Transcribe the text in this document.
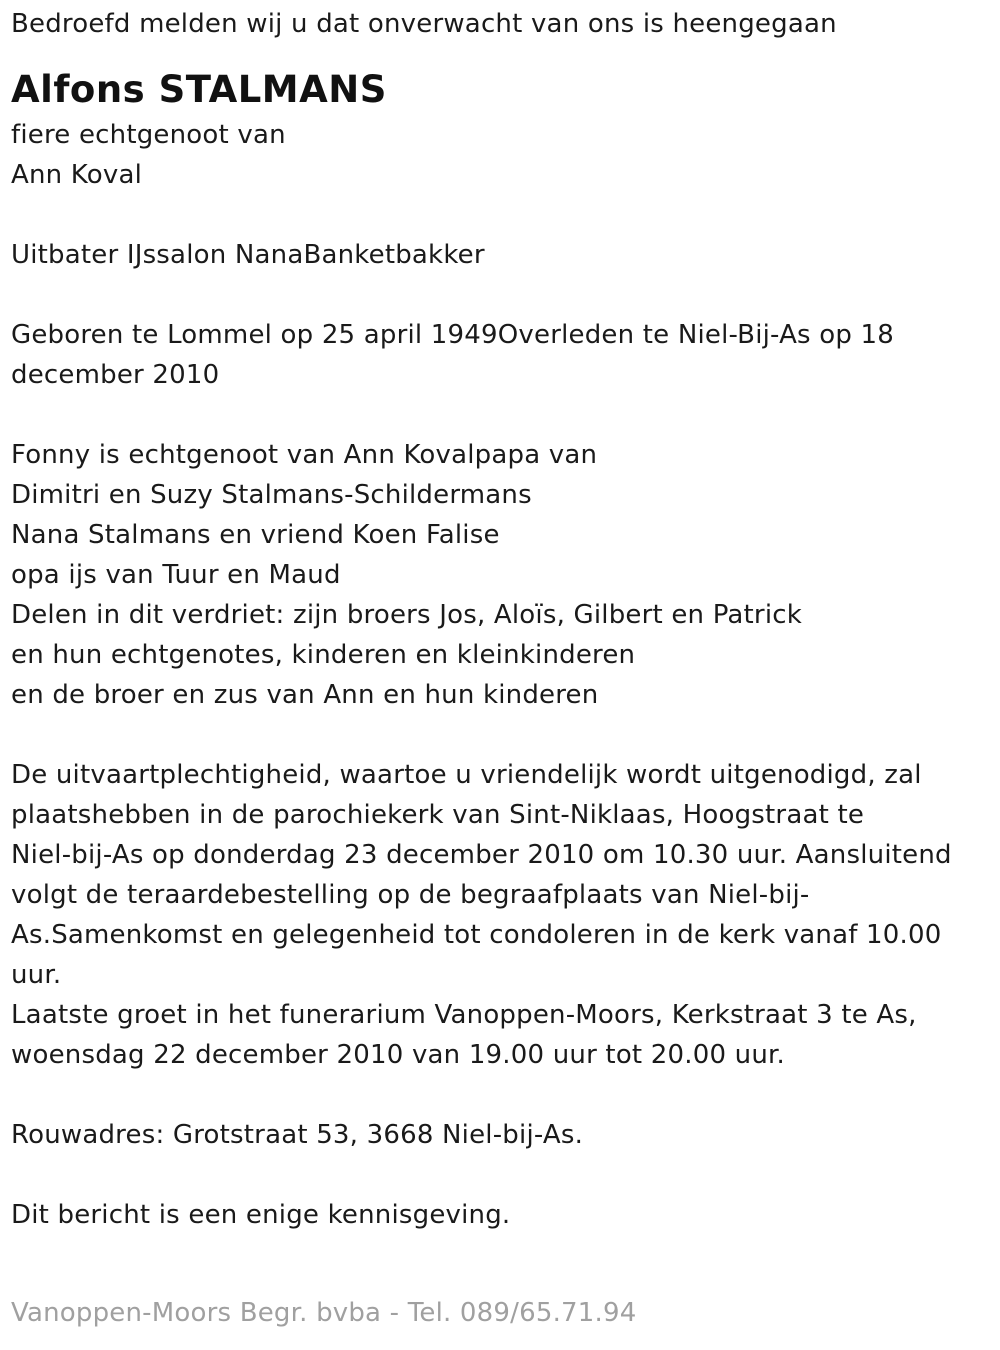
Bedroefd melden wij u dat onverwacht van ons is heengegaan
Alfons STALMANS
fiere echtgenoot van
Ann Koval
Uitbater IJssalon NanaBanketbakker
Geboren te Lommel op 25 april 1949Overleden te Niel-Bij-As op 18
december 2010
Fonny is echtgenoot van Ann Kovalpapa van
Dimitri en Suzy Stalmans-Schildermans
Nana Stalmans en vriend Koen Falise
opa ijs van Tuur en Maud
Delen in dit verdriet: zijn broers Jos, Aloïs, Gilbert en Patrick
en hun echtgenotes, kinderen en kleinkinderen
en de broer en zus van Ann en hun kinderen
De uitvaartplechtigheid, waartoe u vriendelijk wordt uitgenodigd, zal
plaatshebben in de parochiekerk van Sint-Niklaas, Hoogstraat te
Niel-bij-As op donderdag 23 december 2010 om 10.30 uur. Aansluitend
volgt de teraardebestelling op de begraafplaats van Niel-bij-
As.Samenkomst en gelegenheid tot condoleren in de kerk vanaf 10.00
uur.
Laatste groet in het funerarium Vanoppen-Moors, Kerkstraat 3 te As,
woensdag 22 december 2010 van 19.00 uur tot 20.00 uur.
Rouwadres: Grotstraat 53, 3668 Niel-bij-As.
Dit bericht is een enige kennisgeving.
Vanoppen-Moors Begr. bvba - Tel. 089/65.71.94
